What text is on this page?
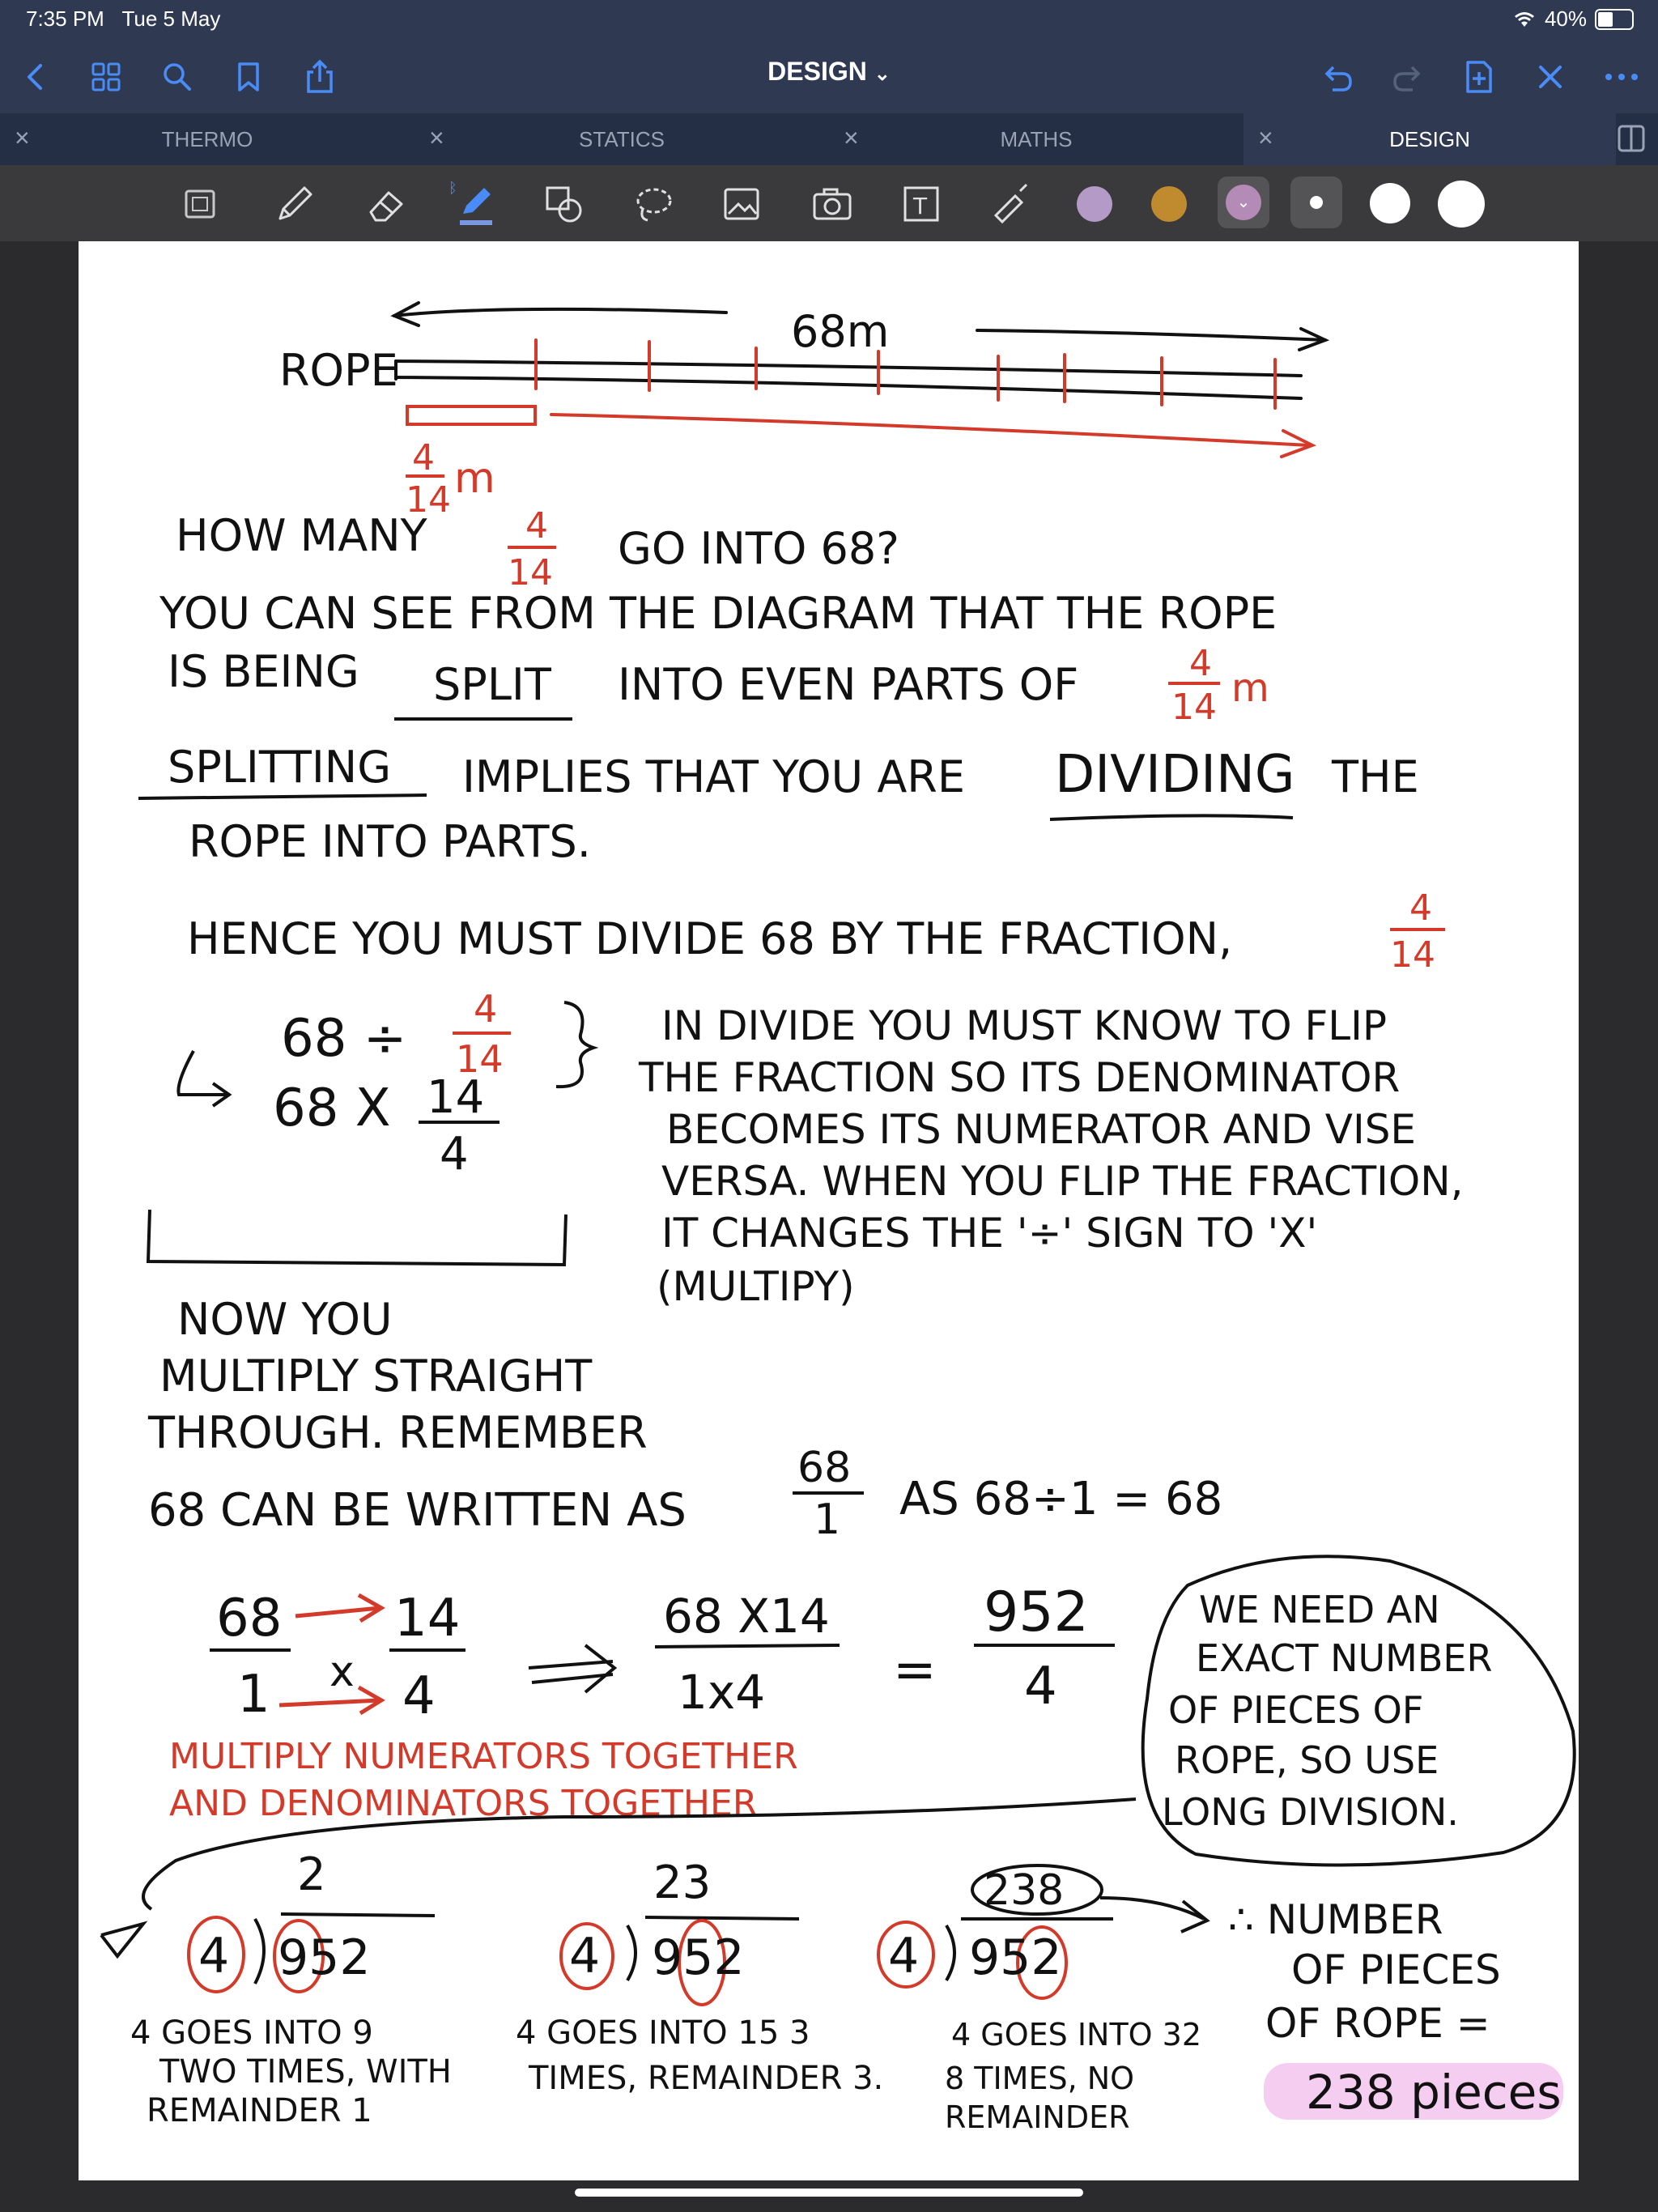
7:35 PM Tue 5 May	40%
DESIGN ⌄
×	THERMO	×	STATICS	×	MATHS	×	DESIGN
ᛒ
T	⌄
ROPE
68m
4
14 m
HOW MANY	4
14 GO INTO 68?
YOU CAN SEE FROM THE DIAGRAM THAT THE ROPE
IS BEING SPLIT INTO EVEN PARTS OF	4
14 m
SPLITTING IMPLIES THAT YOU ARE DIVIDING THE
ROPE INTO PARTS.
HENCE YOU MUST DIVIDE 68 BY THE FRACTION,
4
14
68 ÷ 4
14
68 X 14
4
IN DIVIDE YOU MUST KNOW TO FLIP
THE FRACTION SO ITS DENOMINATOR
BECOMES ITS NUMERATOR AND VISE
VERSA. WHEN YOU FLIP THE FRACTION,
IT CHANGES THE '÷' SIGN TO 'X'
(MULTIPY)
NOW YOU
MULTIPLY STRAIGHT
THROUGH. REMEMBER
68 CAN BE WRITTEN AS
68
1 AS 68÷1 = 68
68
1 x
14
4
68 X14
1x4 =
952
4
MULTIPLY NUMERATORS TOGETHER
AND DENOMINATORS TOGETHER
WE NEED AN
EXACT NUMBER
OF PIECES OF
ROPE, SO USE
LONG DIVISION.
2
4 952
4 GOES INTO 9
TWO TIMES, WITH
REMAINDER 1
23
4 952
4 GOES INTO 15 3
TIMES, REMAINDER 3.
238
4 952
4 GOES INTO 32
8 TIMES, NO
REMAINDER
∴ NUMBER
OF PIECES
OF ROPE =
238 pieces
